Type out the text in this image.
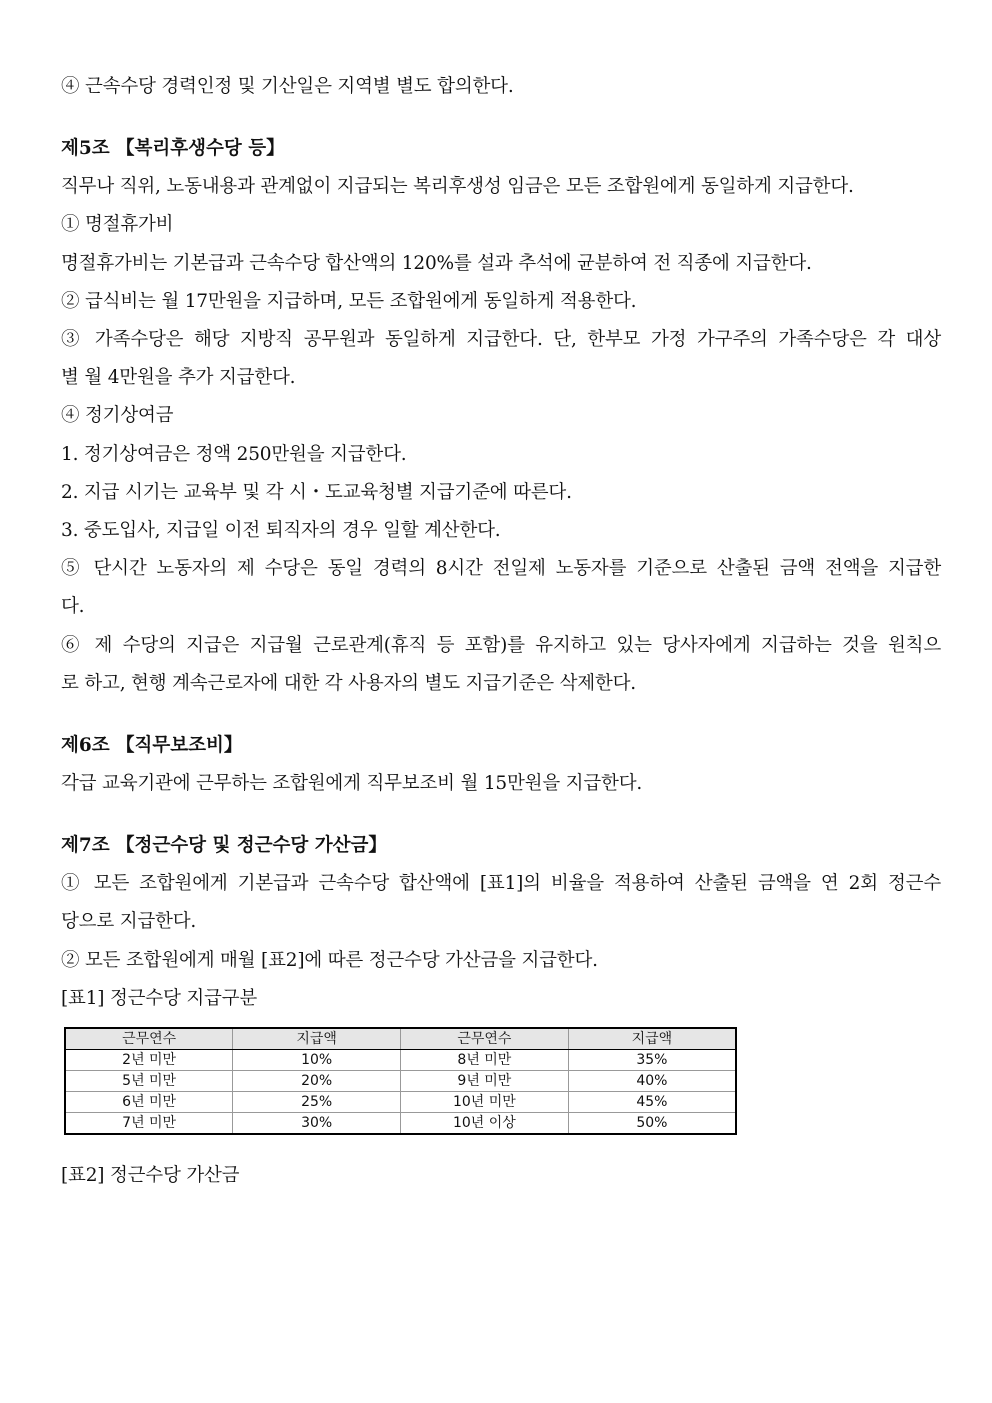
④ 근속수당 경력인정 및 기산일은 지역별 별도 합의한다.

제5조 【복리후생수당 등】

직무나 직위, 노동내용과 관계없이 지급되는 복리후생성 임금은 모든 조합원에게 동일하게 지급한다.

① 명절휴가비

명절휴가비는 기본급과 근속수당 합산액의 120%를 설과 추석에 균분하여 전 직종에 지급한다.

② 급식비는 월 17만원을 지급하며, 모든 조합원에게 동일하게 적용한다.

③ 가족수당은 해당 지방직 공무원과 동일하게 지급한다. 단, 한부모 가정 가구주의 가족수당은 각 대상

별 월 4만원을 추가 지급한다.

④ 정기상여금

1. 정기상여금은 정액 250만원을 지급한다.

2. 지급 시기는 교육부 및 각 시・도교육청별 지급기준에 따른다.

3. 중도입사, 지급일 이전 퇴직자의 경우 일할 계산한다.

⑤ 단시간 노동자의 제 수당은 동일 경력의 8시간 전일제 노동자를 기준으로 산출된 금액 전액을 지급한

다.

⑥ 제 수당의 지급은 지급월 근로관계(휴직 등 포함)를 유지하고 있는 당사자에게 지급하는 것을 원칙으

로 하고, 현행 계속근로자에 대한 각 사용자의 별도 지급기준은 삭제한다.

제6조 【직무보조비】

각급 교육기관에 근무하는 조합원에게 직무보조비 월 15만원을 지급한다.

제7조 【정근수당 및 정근수당 가산금】

① 모든 조합원에게 기본급과 근속수당 합산액에 [표1]의 비율을 적용하여 산출된 금액을 연 2회 정근수

당으로 지급한다.

② 모든 조합원에게 매월 [표2]에 따른 정근수당 가산금을 지급한다.

[표1] 정근수당 지급구분

근무연수	지급액	근무연수	지급액
2년 미만	10%	8년 미만	35%
5년 미만	20%	9년 미만	40%
6년 미만	25%	10년 미만	45%
7년 미만	30%	10년 이상	50%

[표2] 정근수당 가산금
